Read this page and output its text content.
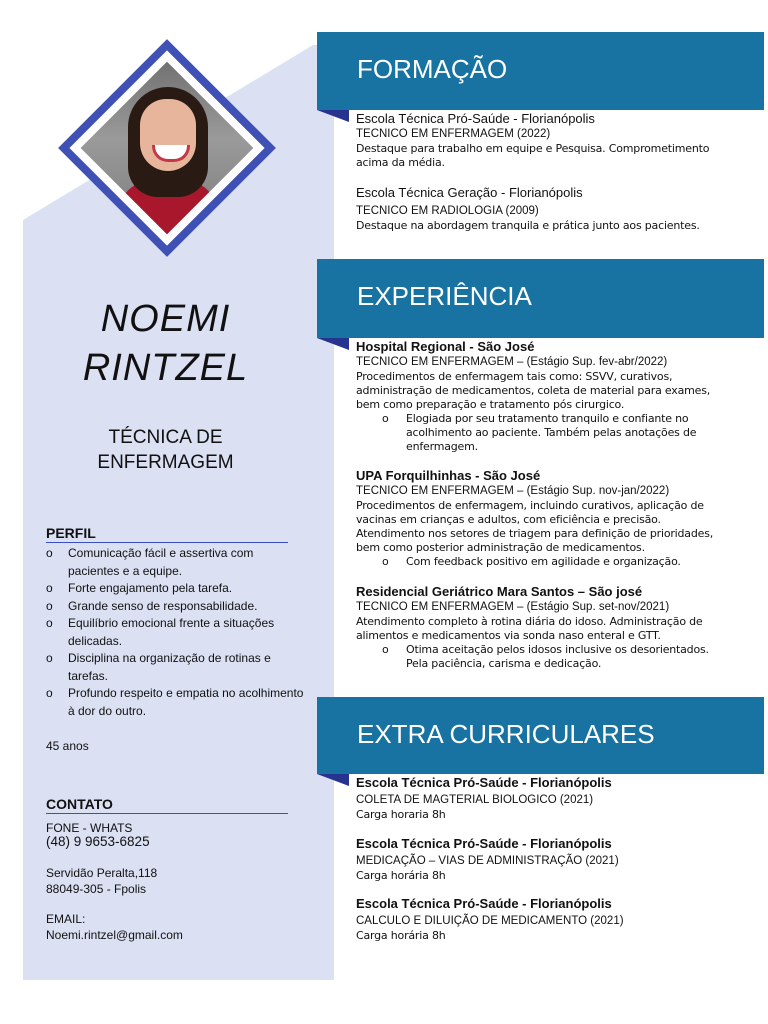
NOEMI
RINTZEL
TÉCNICA DE
ENFERMAGEM
PERFIL
o Comunicação fácil e assertiva com pacientes e a equipe.
o Forte engajamento pela tarefa.
o Grande senso de responsabilidade.
o Equilíbrio emocional frente a situações delicadas.
o Disciplina na organização de rotinas e tarefas.
o Profundo respeito e empatia no acolhimento à dor do outro.
45 anos
CONTATO
FONE - WHATS
(48) 9 9653-6825
Servidão Peralta,118
88049-305 - Fpolis
EMAIL:
Noemi.rintzel@gmail.com
FORMAÇÃO
Escola Técnica Pró-Saúde - Florianópolis
TECNICO EM ENFERMAGEM (2022)
Destaque para trabalho em equipe e Pesquisa. Comprometimento acima da média.
Escola Técnica Geração - Florianópolis
TECNICO EM RADIOLOGIA (2009)
Destaque na abordagem tranquila e prática junto aos pacientes.
EXPERIÊNCIA
Hospital Regional - São José
TECNICO EM ENFERMAGEM – (Estágio Sup. fev-abr/2022)
Procedimentos de enfermagem tais como: SSVV, curativos, administração de medicamentos, coleta de material para exames, bem como preparação e tratamento pós cirurgico.
o Elogiada por seu tratamento tranquilo e confiante no acolhimento ao paciente. Também pelas anotações de enfermagem.
UPA Forquilhinhas - São José
TECNICO EM ENFERMAGEM – (Estágio Sup. nov-jan/2022)
Procedimentos de enfermagem, incluindo curativos, aplicação de vacinas em crianças e adultos, com eficiência e precisão. Atendimento nos setores de triagem para definição de prioridades, bem como posterior administração de medicamentos.
o Com feedback positivo em agilidade e organização.
Residencial Geriátrico Mara Santos – São josé
TECNICO EM ENFERMAGEM – (Estágio Sup. set-nov/2021)
Atendimento completo à rotina diária do idoso. Administração de alimentos e medicamentos via sonda naso enteral e GTT.
o Otima aceitação pelos idosos inclusive os desorientados. Pela paciência, carisma e dedicação.
EXTRA CURRICULARES
Escola Técnica Pró-Saúde - Florianópolis
COLETA DE MAGTERIAL BIOLOGICO (2021)
Carga horaria 8h
Escola Técnica Pró-Saúde - Florianópolis
MEDICAÇÃO – VIAS DE ADMINISTRAÇÃO (2021)
Carga horária 8h
Escola Técnica Pró-Saúde - Florianópolis
CALCULO E DILUIÇÃO DE MEDICAMENTO (2021)
Carga horária 8h
